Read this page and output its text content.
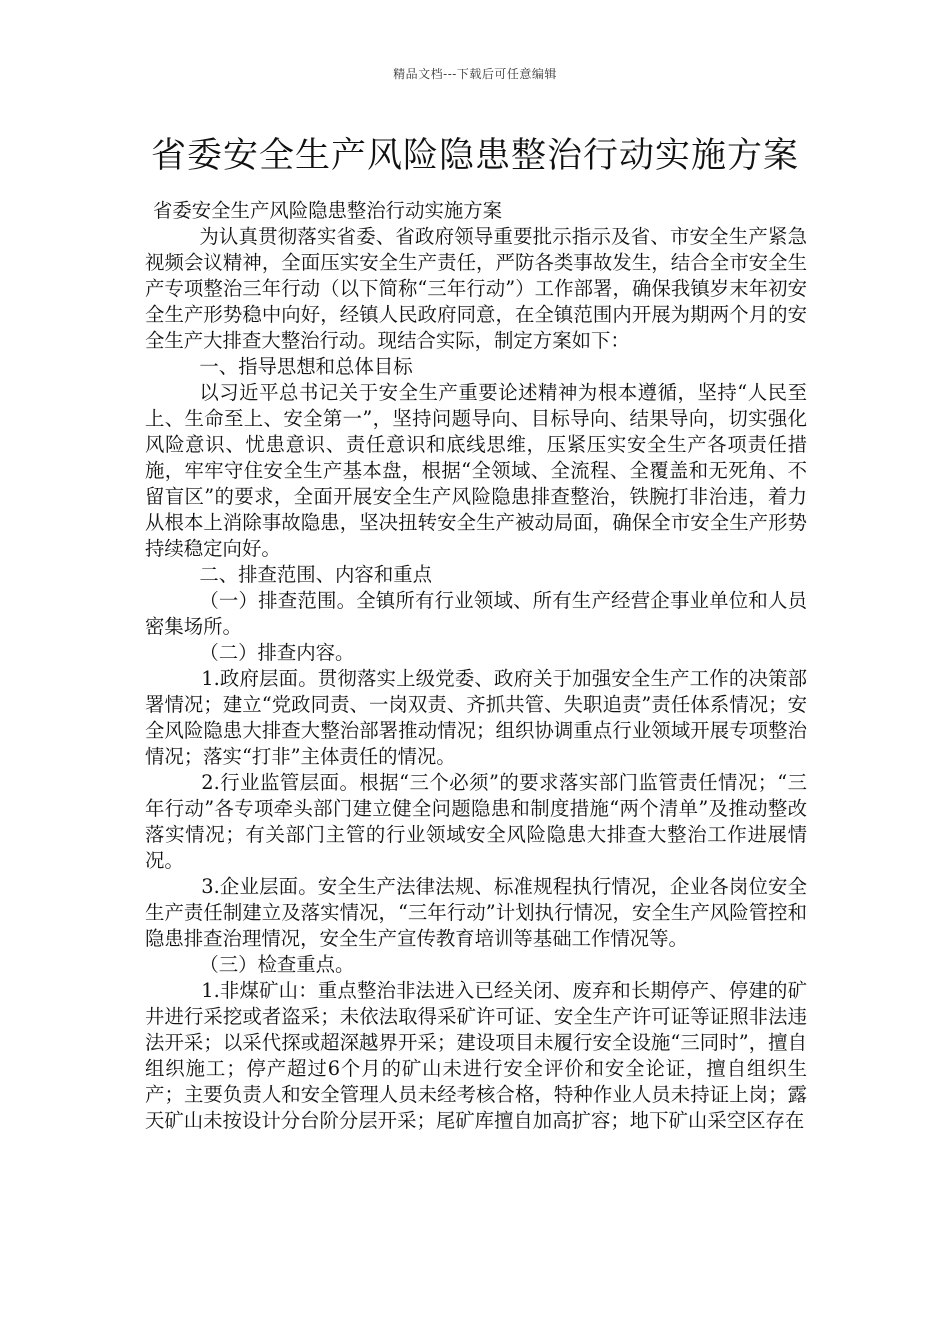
精品文档---下载后可任意编辑
省委安全生产风险隐患整治行动实施方案

省委安全生产风险隐患整治行动实施方案

为认真贯彻落实省委、省政府领导重要批示指示及省、市安全生产紧急视频会议精神，全面压实安全生产责任，严防各类事故发生，结合全市安全生产专项整治三年行动（以下简称“三年行动”）工作部署，确保我镇岁末年初安全生产形势稳中向好，经镇人民政府同意，在全镇范围内开展为期两个月的安全生产大排查大整治行动。现结合实际，制定方案如下：

一、指导思想和总体目标

以习近平总书记关于安全生产重要论述精神为根本遵循，坚持“人民至上、生命至上、安全第一”，坚持问题导向、目标导向、结果导向，切实强化风险意识、忧患意识、责任意识和底线思维，压紧压实安全生产各项责任措施，牢牢守住安全生产基本盘，根据“全领域、全流程、全覆盖和无死角、不留盲区”的要求，全面开展安全生产风险隐患排查整治，铁腕打非治违，着力从根本上消除事故隐患，坚决扭转安全生产被动局面，确保全市安全生产形势持续稳定向好。

二、排查范围、内容和重点

（一）排查范围。全镇所有行业领域、所有生产经营企事业单位和人员密集场所。

（二）排查内容。

1.政府层面。贯彻落实上级党委、政府关于加强安全生产工作的决策部署情况；建立“党政同责、一岗双责、齐抓共管、失职追责”责任体系情况；安全风险隐患大排查大整治部署推动情况；组织协调重点行业领域开展专项整治情况；落实“打非”主体责任的情况。

2.行业监管层面。根据“三个必须”的要求落实部门监管责任情况；“三年行动”各专项牵头部门建立健全问题隐患和制度措施“两个清单”及推动整改落实情况；有关部门主管的行业领域安全风险隐患大排查大整治工作进展情况。

3.企业层面。安全生产法律法规、标准规程执行情况，企业各岗位安全生产责任制建立及落实情况，“三年行动”计划执行情况，安全生产风险管控和隐患排查治理情况，安全生产宣传教育培训等基础工作情况等。

（三）检查重点。

1.非煤矿山：重点整治非法进入已经关闭、废弃和长期停产、停建的矿井进行采挖或者盗采；未依法取得采矿许可证、安全生产许可证等证照非法违法开采；以采代探或超深越界开采；建设项目未履行安全设施“三同时”，擅自组织施工；停产超过6个月的矿山未进行安全评价和安全论证，擅自组织生产；主要负责人和安全管理人员未经考核合格，特种作业人员未持证上岗；露天矿山未按设计分台阶分层开采；尾矿库擅自加高扩容；地下矿山采空区存在
